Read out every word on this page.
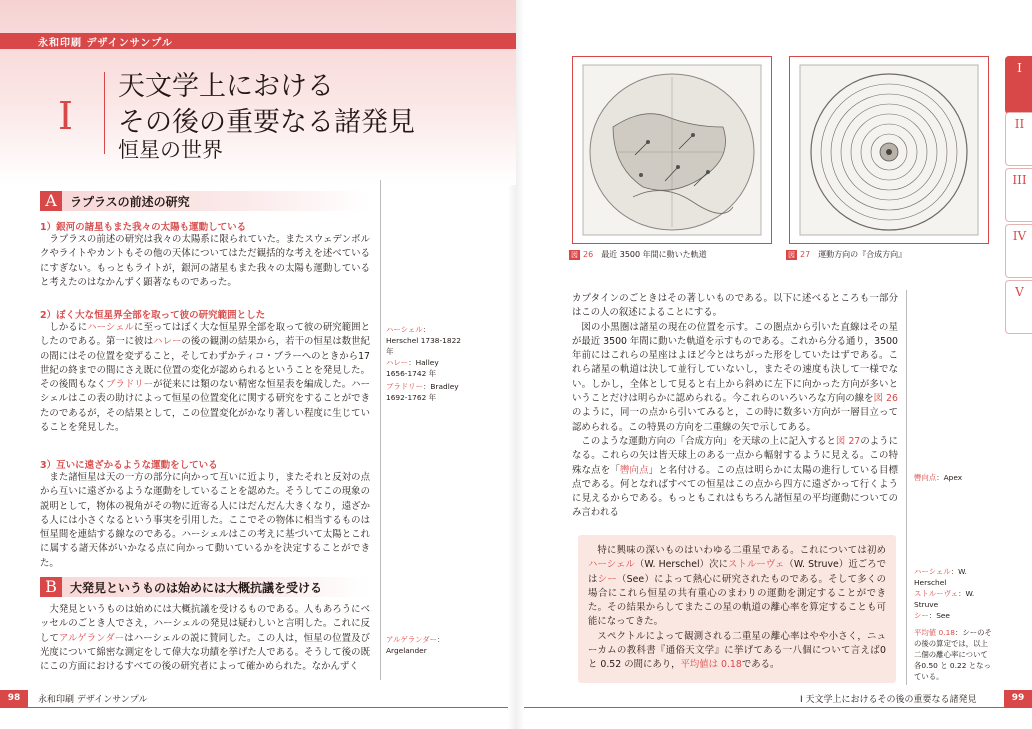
永和印刷 デザインサンプル
I
天文学上における
その後の重要なる諸発見
恒星の世界
A	ラプラスの前述の研究
1）銀河の諸星もまた我々の太陽も運動している

ラプラスの前述の研究は我々の太陽系に限られていた。またスウェデンボルクやライトやカントもその他の天体についてはただ観括的な考えを述べているにすぎない。もっともライトが，銀河の諸星もまた我々の太陽も運動していると考えたのはなかんずく顕著なものであった。

2）ぼく大な恒星界全部を取って彼の研究範囲とした

しかるにハーシェルに至ってはぼく大な恒星界全部を取って彼の研究範囲としたのである。第一に彼はハレーの後の観測の結果から，若干の恒星は数世紀の間にはその位置を変ずること，そしてわずかティコ・ブラーへのときから17 世紀の終までの間にさえ既に位置の変化が認められるということを発見した。その後間もなくブラドリーが従来には類のない精密な恒星表を編成した。ハーシェルはこの表の助けによって恒星の位置変化に関する研究をすることができたのであるが，その結果として，この位置変化がかなり著しい程度に生じていることを発見した。

3）互いに遠ざかるような運動をしている

また諸恒星は天の一方の部分に向かって互いに近より，またそれと反対の点から互いに遠ざかるような運動をしていることを認めた。そうしてこの現象の説明として，物体の視角がその物に近寄る人にはだんだん大きくなり，遠ざかる人には小さくなるという事実を引用した。ここでその物体に相当するものは恒星間を連結する線なのである。ハーシェルはこの考えに基づいて太陽とこれに属する諸天体がいかなる点に向かって動いているかを決定することができた。

B	大発見というものは始めには大概抗議を受ける

大発見というものは始めには大概抗議を受けるものである。人もあろうにベッセルのごとき人でさえ，ハーシェルの発見は疑わしいと言明した。これに反してアルゲランダーはハーシェルの説に賛同した。この人は，恒星の位置及び光度について綿密な測定をして偉大な功績を挙げた人である。そうして後の既にこの方面におけるすべての後の研究者によって確かめられた。なかんずく

ハーシェル：Herschel 1738-1822 年
ハレー：Halley 1656-1742 年
ブラドリー：Bradley 1692-1762 年
アルゲランダー：Argelander
図 26 最近 3500 年間に動いた軌道	図 27 運動方向の『合成方向』

カプタインのごときはその著しいものである。以下に述べるところも一部分はこの人の叙述によることにする。

図の小黒圏は諸星の現在の位置を示す。この圏点から引いた直線はその星が最近 3500 年間に動いた軌道を示すものである。これから分る通り，3500 年前にはこれらの星座はよほど今とはちがった形をしていたはずである。これら諸星の軌道は決して並行していないし，またその速度も決して一様でない。しかし，全体として見ると右上から斜めに左下に向かった方向が多いということだけは明らかに認められる。今これらのいろいろな方向の線を図 26のように，同一の点から引いてみると，この時に数多い方向が一層目立って認められる。この特異の方向を二重線の矢で示してある。

このような運動方向の「合成方向」を天球の上に記入すると図 27のようになる。これらの矢は皆天球上のある一点から輻射するように見える。この特殊な点を「轡向点」と名付ける。この点は明らかに太陽の進行している目標点である。何となればすべての恒星はこの点から四方に遠ざかって行くように見えるからである。もっともこれはもちろん諸恒星の平均運動についてのみ言われる

特に興味の深いものはいわゆる二重星である。これについては初めハーシェル（W. Herschel）次にストルーヴェ（W. Struve）近ごろではシー（See）によって熱心に研究されたものである。そして多くの場合にこれら恒星の共有重心のまわりの運動を測定することができた。その結果からしてまたこの星の軌道の離心率を算定することも可能になってきた。

スペクトルによって観測される二重星の離心率はやや小さく，ニューカムの教科書『通俗天文学』に挙げてある一八個について言えば0 と 0.52 の間にあり，平均値は 0.18である。

轡向点：Apex
ハーシェル：W. Herschel
ストルーヴェ：W. Struve
シー：See
平均値 0.18：シーのその後の算定では，以上二個の離心率について各0.50 と 0.22 となっている。
I
II
III
IV
V
98	永和印刷 デザインサンプル	I 天文学上におけるその後の重要なる諸発見	99
